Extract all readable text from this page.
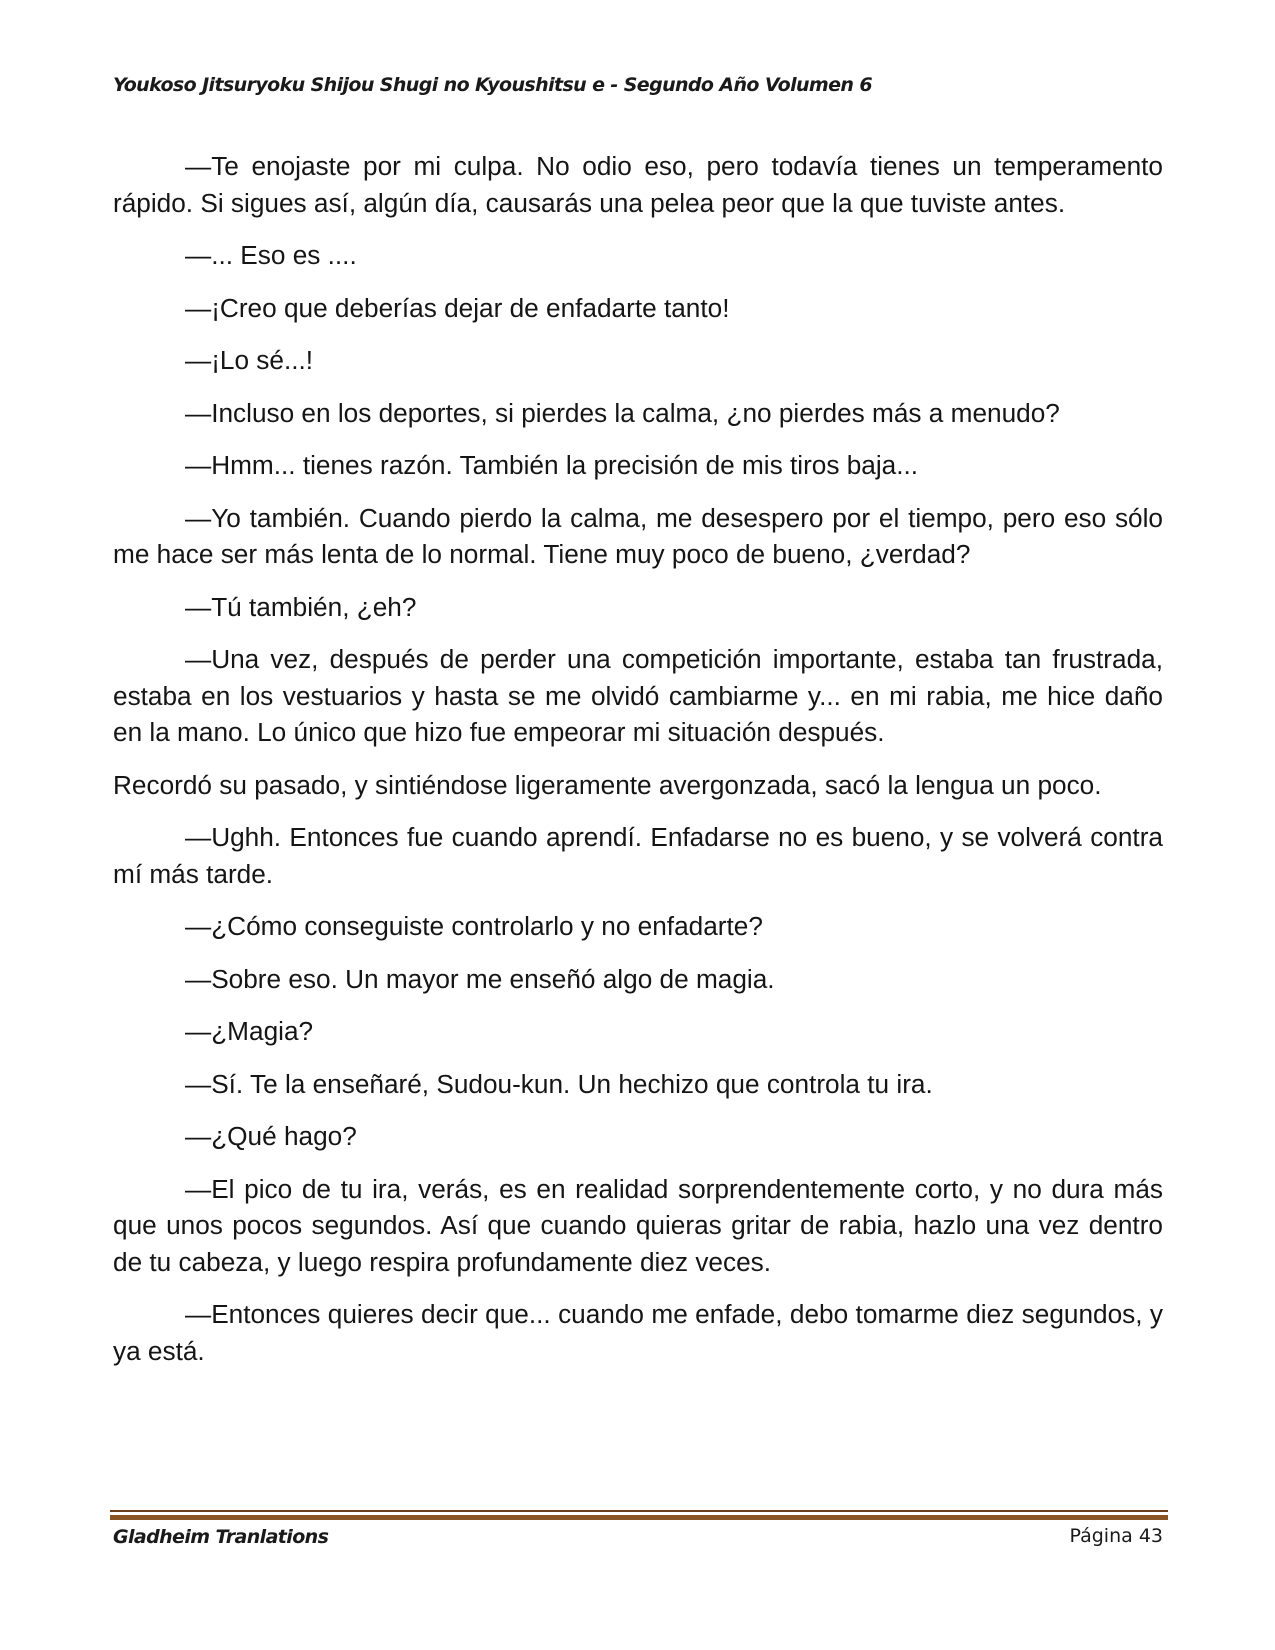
Youkoso Jitsuryoku Shijou Shugi no Kyoushitsu e - Segundo Año Volumen 6

—Te enojaste por mi culpa. No odio eso, pero todavía tienes un temperamento rápido. Si sigues así, algún día, causarás una pelea peor que la que tuviste antes.

—... Eso es ....

—¡Creo que deberías dejar de enfadarte tanto!

—¡Lo sé...!

—Incluso en los deportes, si pierdes la calma, ¿no pierdes más a menudo?

—Hmm... tienes razón. También la precisión de mis tiros baja...

—Yo también. Cuando pierdo la calma, me desespero por el tiempo, pero eso sólo me hace ser más lenta de lo normal. Tiene muy poco de bueno, ¿verdad?

—Tú también, ¿eh?

—Una vez, después de perder una competición importante, estaba tan frustrada, estaba en los vestuarios y hasta se me olvidó cambiarme y... en mi rabia, me hice daño en la mano. Lo único que hizo fue empeorar mi situación después.

Recordó su pasado, y sintiéndose ligeramente avergonzada, sacó la lengua un poco.

—Ughh. Entonces fue cuando aprendí. Enfadarse no es bueno, y se volverá contra mí más tarde.

—¿Cómo conseguiste controlarlo y no enfadarte?

—Sobre eso. Un mayor me enseñó algo de magia.

—¿Magia?

—Sí. Te la enseñaré, Sudou-kun. Un hechizo que controla tu ira.

—¿Qué hago?

—El pico de tu ira, verás, es en realidad sorprendentemente corto, y no dura más que unos pocos segundos. Así que cuando quieras gritar de rabia, hazlo una vez dentro de tu cabeza, y luego respira profundamente diez veces.

—Entonces quieres decir que... cuando me enfade, debo tomarme diez segundos, y ya está.

Gladheim Tranlations	Página 43
